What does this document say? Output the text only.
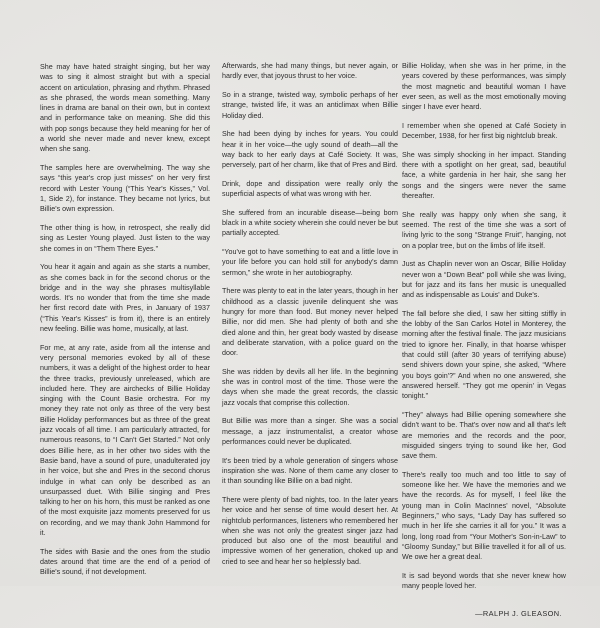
She may have hated straight singing, but her way was to sing it almost straight but with a special accent on articulation, phrasing and rhythm. Phrased as she phrased, the words mean something. Many lines in drama are banal on their own, but in context and in performance take on meaning. She did this with pop songs because they held meaning for her of a world she never made and never knew, except when she sang.

The samples here are overwhelming. The way she says “this year's crop just misses” on her very first record with Lester Young (“This Year's Kisses,” Vol. 1, Side 2), for instance. They became not lyrics, but Billie's own expression.

The other thing is how, in retrospect, she really did sing as Lester Young played. Just listen to the way she comes in on “Them There Eyes.”

You hear it again and again as she starts a number, as she comes back in for the second chorus or the bridge and in the way she phrases multisyllable words. It's no wonder that from the time she made her first record date with Pres, in January of 1937 (“This Year's Kisses” is from it), there is an entirely new feeling. Billie was home, musically, at last.

For me, at any rate, aside from all the intense and very personal memories evoked by all of these numbers, it was a delight of the highest order to hear the three tracks, previously unreleased, which are included here. They are airchecks of Billie Holiday singing with the Count Basie orchestra. For my money they rate not only as three of the very best Billie Holiday performances but as three of the great jazz vocals of all time. I am particularly attracted, for numerous reasons, to “I Can't Get Started.” Not only does Billie here, as in her other two sides with the Basie band, have a sound of pure, unadulterated joy in her voice, but she and Pres in the second chorus indulge in what can only be described as an unsurpassed duet. With Billie singing and Pres talking to her on his horn, this must be ranked as one of the most exquisite jazz moments preserved for us on recording, and we may thank John Hammond for it.

The sides with Basie and the ones from the studio dates around that time are the end of a period of Billie's sound, if not development.

Afterwards, she had many things, but never again, or hardly ever, that joyous thrust to her voice.

So in a strange, twisted way, symbolic perhaps of her strange, twisted life, it was an anticlimax when Billie Holiday died.

She had been dying by inches for years. You could hear it in her voice—the ugly sound of death—all the way back to her early days at Café Society. It was, perversely, part of her charm, like that of Pres and Bird.

Drink, dope and dissipation were really only the superficial aspects of what was wrong with her.

She suffered from an incurable disease—being born black in a white society wherein she could never be but partially accepted.

“You've got to have something to eat and a little love in your life before you can hold still for anybody's damn sermon,” she wrote in her autobiography.

There was plenty to eat in the later years, though in her childhood as a classic juvenile delinquent she was hungry for more than food. But money never helped Billie, nor did men. She had plenty of both and she died alone and thin, her great body wasted by disease and deliberate starvation, with a police guard on the door.

She was ridden by devils all her life. In the beginning she was in control most of the time. Those were the days when she made the great records, the classic jazz vocals that comprise this collection.

But Billie was more than a singer. She was a social message, a jazz instrumentalist, a creator whose performances could never be duplicated.

It's been tried by a whole generation of singers whose inspiration she was. None of them came any closer to it than sounding like Billie on a bad night.

There were plenty of bad nights, too. In the later years her voice and her sense of time would desert her. At nightclub performances, listeners who remembered her when she was not only the greatest singer jazz had produced but also one of the most beautiful and impressive women of her generation, choked up and cried to see and hear her so helplessly bad.

Billie Holiday, when she was in her prime, in the years covered by these performances, was simply the most magnetic and beautiful woman I have ever seen, as well as the most emotionally moving singer I have ever heard.

I remember when she opened at Café Society in December, 1938, for her first big nightclub break.

She was simply shocking in her impact. Standing there with a spotlight on her great, sad, beautiful face, a white gardenia in her hair, she sang her songs and the singers were never the same thereafter.

She really was happy only when she sang, it seemed. The rest of the time she was a sort of living lyric to the song “Strange Fruit”, hanging, not on a poplar tree, but on the limbs of life itself.

Just as Chaplin never won an Oscar, Billie Holiday never won a “Down Beat” poll while she was living, but for jazz and its fans her music is unequalled and as indispensable as Louis' and Duke's.

The fall before she died, I saw her sitting stiffly in the lobby of the San Carlos Hotel in Monterey, the morning after the festival finale. The jazz musicians tried to ignore her. Finally, in that hoarse whisper that could still (after 30 years of terrifying abuse) send shivers down your spine, she asked, “Where you boys goin'?” And when no one answered, she answered herself. “They got me openin' in Vegas tonight.”

“They” always had Billie opening somewhere she didn't want to be. That's over now and all that's left are memories and the records and the poor, misguided singers trying to sound like her, God save them.

There's really too much and too little to say of someone like her. We have the memories and we have the records. As for myself, I feel like the young man in Colin MacInnes' novel, “Absolute Beginners,” who says, “Lady Day has suffered so much in her life she carries it all for you.” It was a long, long road from “Your Mother's Son-in-Law” to “Gloomy Sunday,” but Billie travelled it for all of us. We owe her a great deal.

It is sad beyond words that she never knew how many people loved her.

—RALPH J. GLEASON.
